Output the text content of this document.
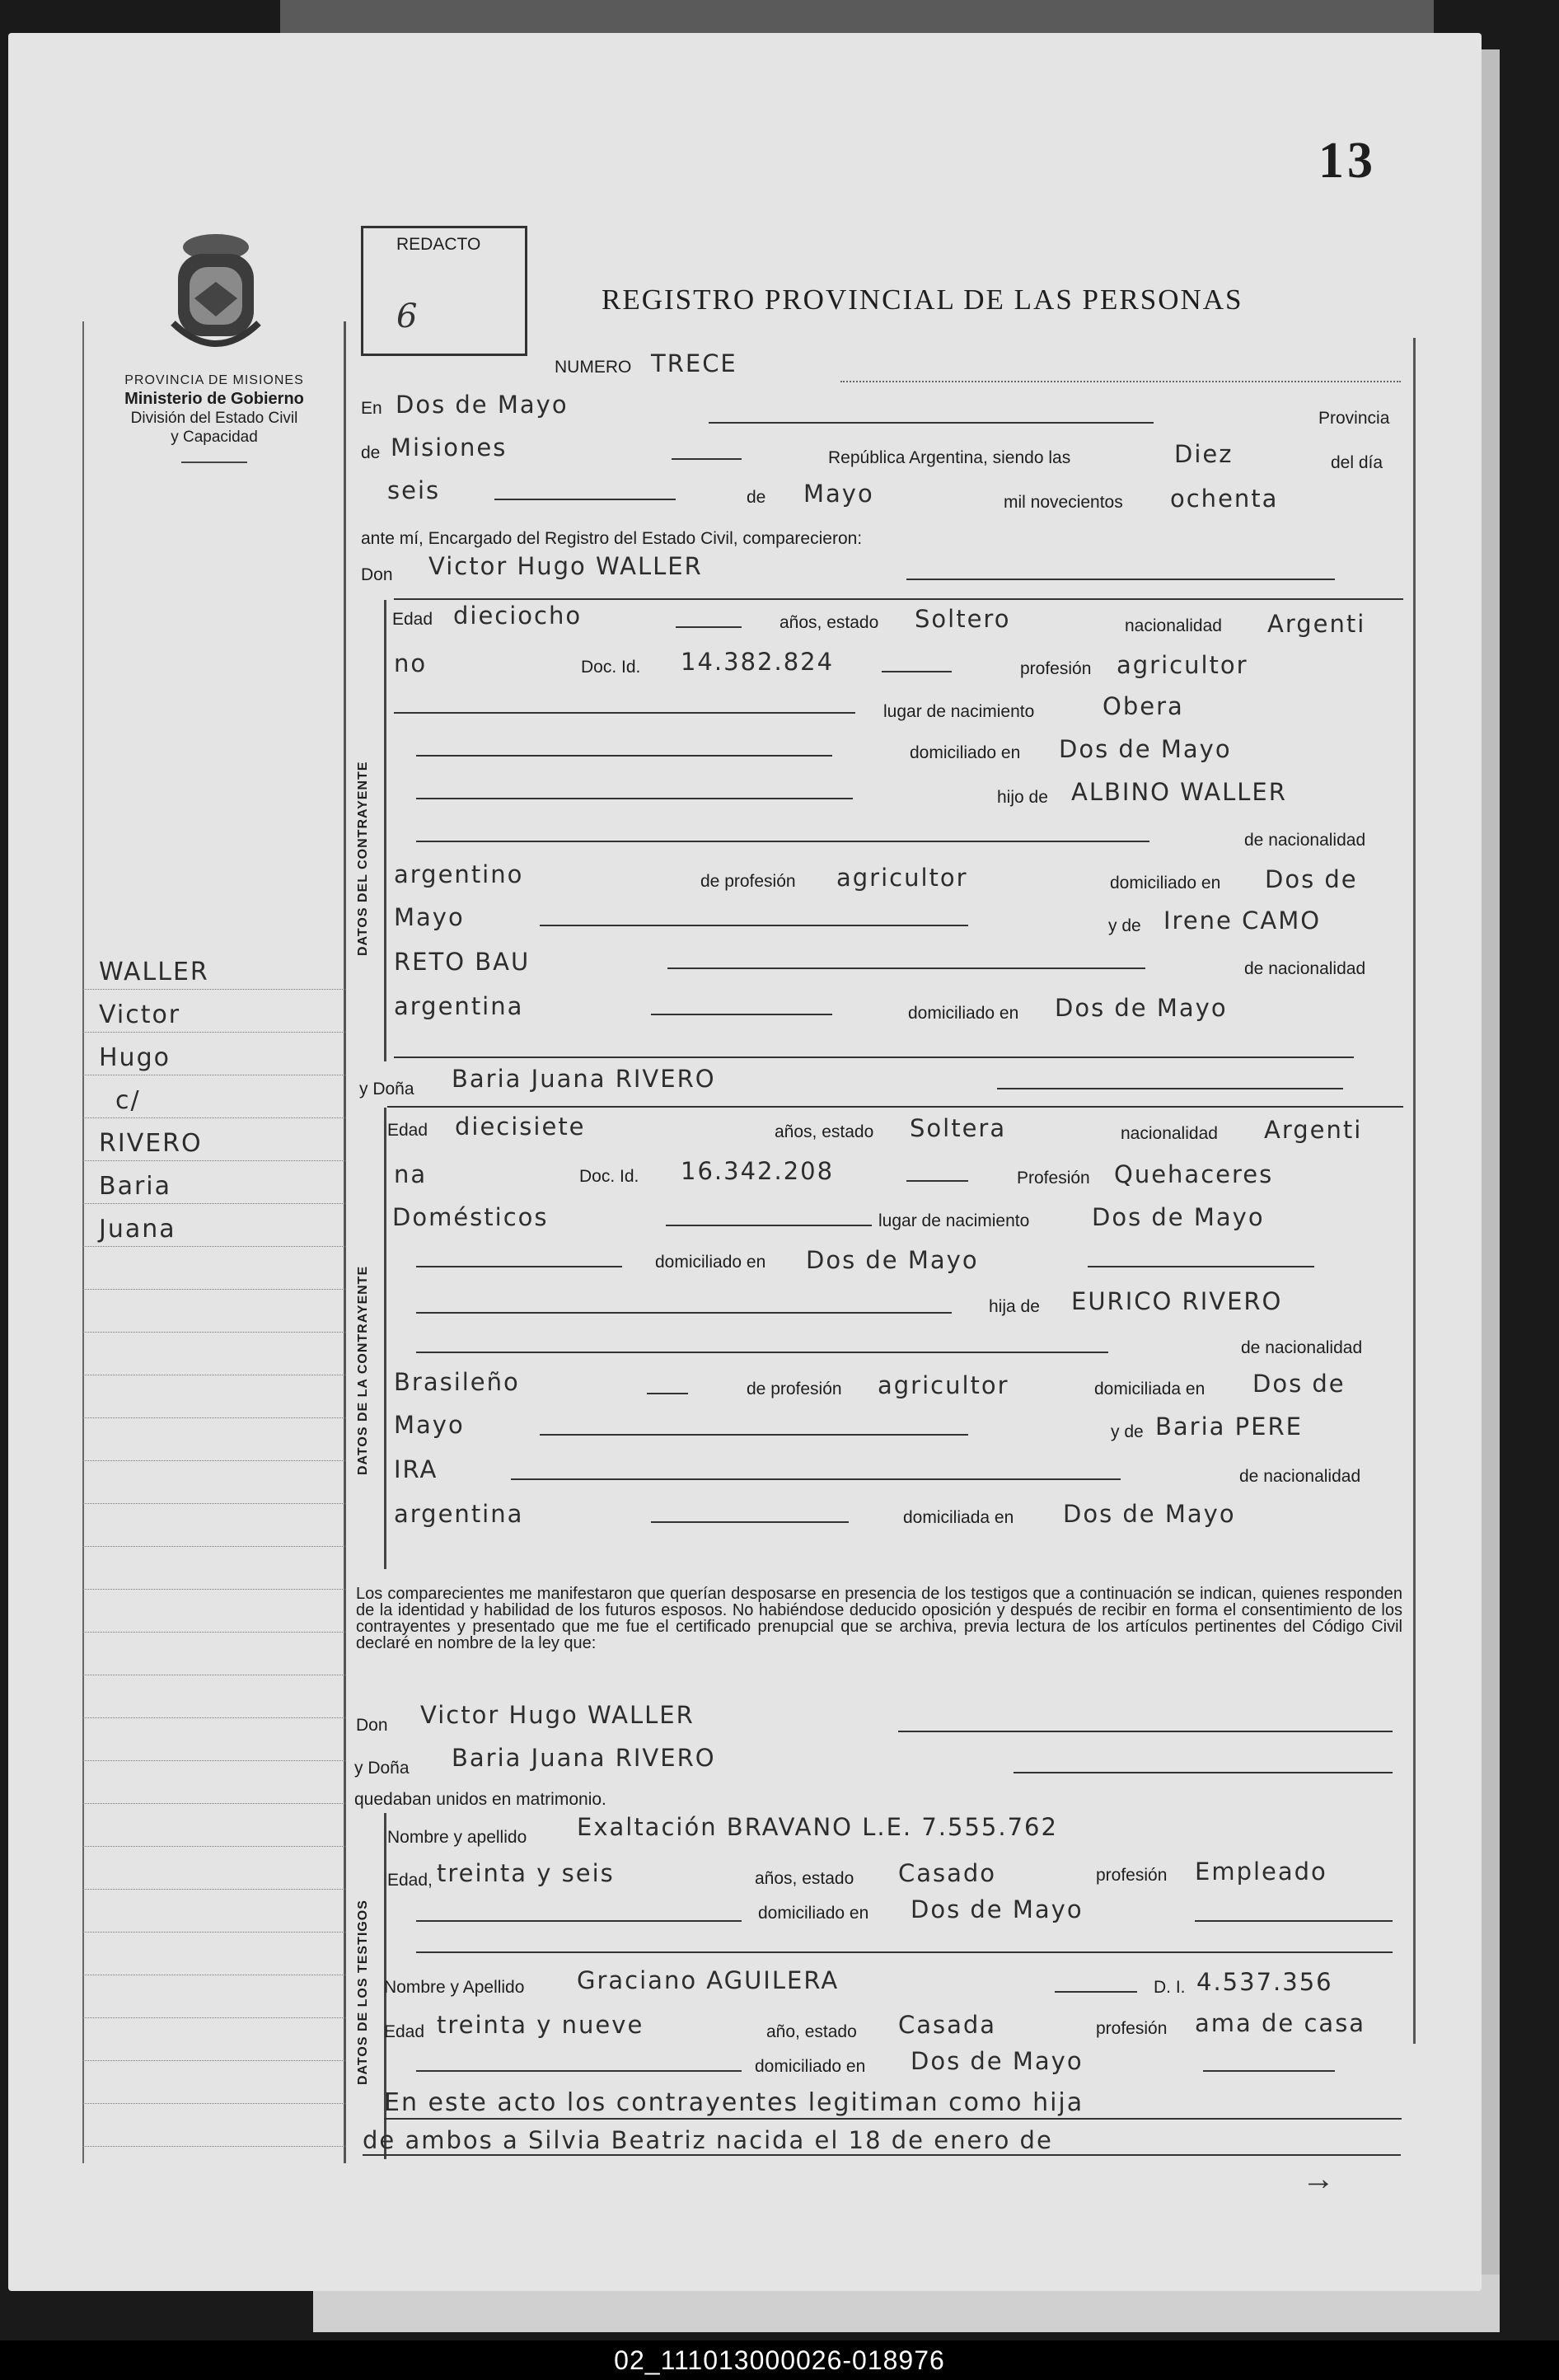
13
PROVINCIA DE MISIONES
Ministerio de Gobierno
División del Estado Civil
y Capacidad
REDACTO
6	REGISTRO PROVINCIAL DE LAS PERSONAS
WALLER
Victor
Hugo
c/
RIVERO
Baria
Juana
NUMERO TRECE
En Dos de Mayo	Provincia
de Misiones	República Argentina, siendo las	Diez	del día
seis	de Mayo	mil novecientos ochenta
ante mí, Encargado del Registro del Estado Civil, comparecieron:
Don Victor Hugo WALLER
DATOS DEL CONTRAYENTE
Edad dieciocho	años, estado Soltero	nacionalidad Argenti
no	Doc. Id. 14.382.824	profesión agricultor
lugar de nacimiento	Obera
domiciliado en Dos de Mayo
hijo de ALBINO WALLER
de nacionalidad
argentino	de profesión agricultor	domiciliado en Dos de
Mayo	y de Irene CAMO
RETO BAU	de nacionalidad
argentina	domiciliado en Dos de Mayo
y Doña Baria Juana RIVERO
DATOS DE LA CONTRAYENTE
Edad diecisiete	años, estado Soltera	nacionalidad Argenti
na	Doc. Id. 16.342.208	Profesión Quehaceres
Domésticos	lugar de nacimiento	Dos de Mayo
domiciliado en Dos de Mayo
hija de EURICO RIVERO
de nacionalidad
Brasileño	de profesión agricultor	domiciliada en Dos de
Mayo	y de Baria PERE
IRA	de nacionalidad
argentina	domiciliada en Dos de Mayo
Los comparecientes me manifestaron que querían desposarse en presencia de los testigos que a continuación se indican, quienes responden de la identidad y habilidad de los futuros esposos. No habiéndose deducido oposición y después de recibir en forma el consentimiento de los contrayentes y presentado que me fue el certificado prenupcial que se archiva, previa lectura de los artículos pertinentes del Código Civil declaré en nombre de la ley que:
Don Victor Hugo WALLER
y Doña Baria Juana RIVERO
quedaban unidos en matrimonio.
DATOS DE LOS TESTIGOS
Nombre y apellido Exaltación BRAVANO L.E. 7.555.762
Edad, treinta y seis	años, estado Casado	profesión Empleado
domiciliado en Dos de Mayo
Nombre y Apellido Graciano AGUILERA	D. I. 4.537.356
Edad treinta y nueve	año, estado Casada	profesión ama de casa
domiciliado en Dos de Mayo
En este acto los contrayentes legitiman como hija
de ambos a Silvia Beatriz nacida el 18 de enero de
→
02_111013000026-018976
